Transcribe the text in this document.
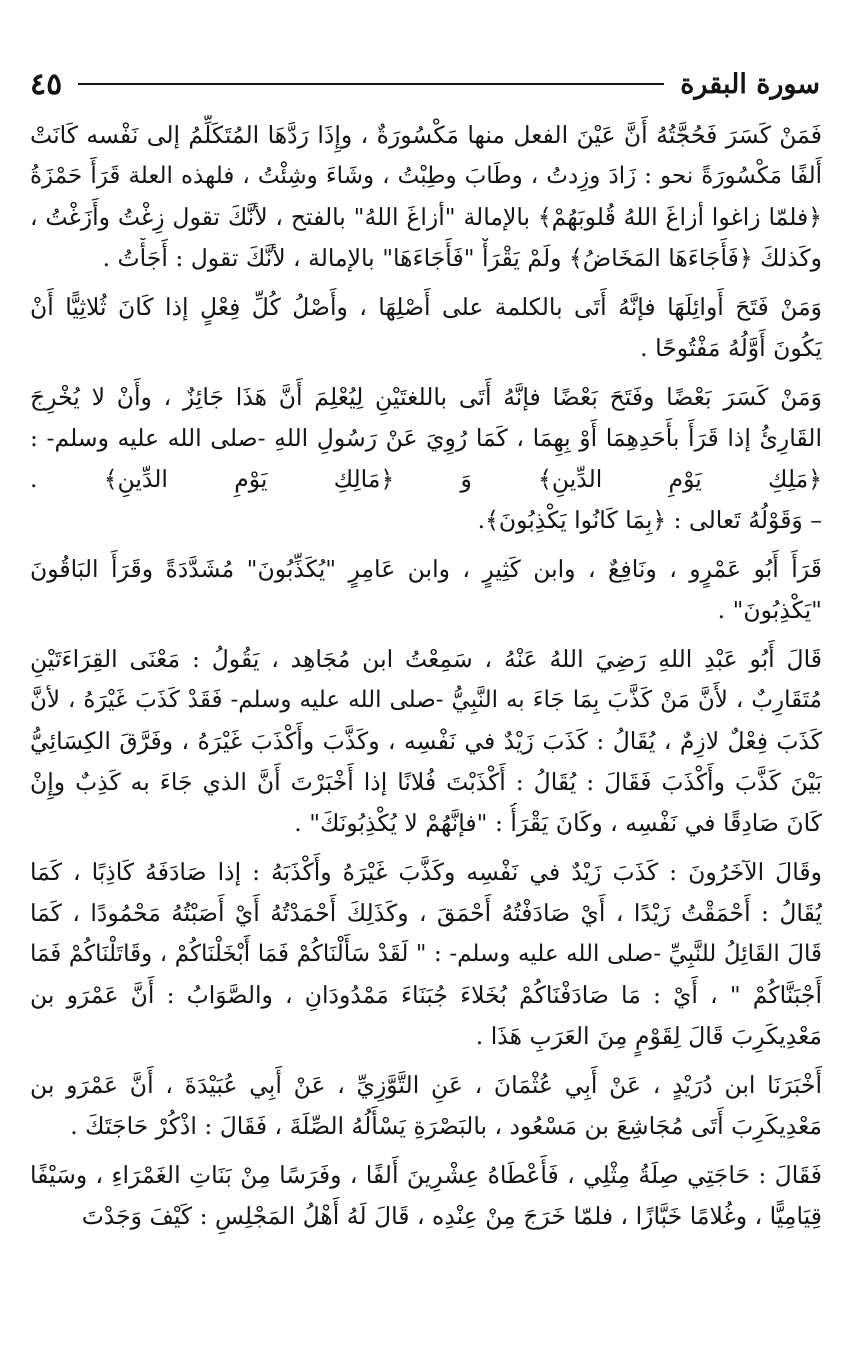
سورة البقرة
٤٥
فَمَنْ كَسَرَ فَحُجَّتُهُ أَنَّ عَيْنَ الفعل منها مَكْسُورَةٌ ، وإِذَا رَدَّهَا المُتَكَلِّمُ إلى نَفْسه كَانَتْ
أَلفًا مَكْسُورَةً نحو : زَادَ وزِدتُ ، وطَابَ وطِبْتُ ، وشَاءَ وشِئْتُ ، فلهذه العلة قَرَأَ حَمْزَةُ
﴿فلمّا زاغوا أزاغَ اللهُ قُلوبَهُمْ﴾ بالإمالة "أزاغَ اللهُ" بالفتح ، لأنَّكَ تقول زِغْتُ وأَزَغْتُ ،
وكَذلكَ ﴿فَأَجَاءَهَا المَخَاضُ﴾ ولَمْ يَقْرَأْ "فَأَجَاءَهَا" بالإمالة ، لأنَّكَ تقول : أَجَأْتُ .
وَمَنْ فَتَحَ أَوائِلَهَا فإنَّهُ أَتَى بالكلمة على أَصْلِهَا ، وأَصْلُ كُلِّ فِعْلٍ إذا كَانَ ثُلاثِيًّا أَنْ
يَكُونَ أَوَّلُهُ مَفْتُوحًا .
وَمَنْ كَسَرَ بَعْضًا وفَتَحَ بَعْضًا فإنَّهُ أَتَى باللغتَيْنِ لِيُعْلِمَ أَنَّ هَذَا جَائِزٌ ، وأَنْ لا يُخْرِجَ
القَارِئُ إذا قَرَأَ بأَحَدِهِمَا أَوْ بِهِمَا ، كَمَا رُوِيَ عَنْ رَسُولِ اللهِ -صلى الله عليه وسلم- :
﴿مَلِكِ يَوْمِ الدِّينِ﴾ وَ ﴿مَالِكِ يَوْمِ الدِّينِ﴾ .
– وَقَوْلُهُ تَعالى : ﴿بِمَا كَانُوا يَكْذِبُونَ﴾.
قَرَأَ أَبُو عَمْرٍو ، ونَافِعٌ ، وابن كَثِيرٍ ، وابن عَامِرٍ "يُكَذِّبُونَ" مُشَدَّدَةً وقَرَأَ البَاقُونَ
"يَكْذِبُونَ" .
قَالَ أَبُو عَبْدِ اللهِ رَضِيَ اللهُ عَنْهُ ، سَمِعْتُ ابن مُجَاهِد ، يَقُولُ : مَعْنَى القِرَاءَتَيْنِ
مُتَقَارِبٌ ، لأَنَّ مَنْ كَذَّبَ بِمَا جَاءَ به النَّبِيُّ -صلى الله عليه وسلم- فَقَدْ كَذَبَ غَيْرَهُ ، لأنَّ
كَذَبَ فِعْلٌ لازِمٌ ، يُقَالُ : كَذَبَ زَيْدٌ في نَفْسِه ، وكَذَّبَ وأَكْذَبَ غَيْرَهُ ، وفَرَّقَ الكِسَائِيُّ
بَيْنَ كَذَّبَ وأَكْذَبَ فَقَالَ : يُقَالُ : أَكْذَبْتَ فُلانًا إذا أَخْبَرْتَ أَنَّ الذي جَاءَ به كَذِبٌ وإِنْ
كَانَ صَادِقًا في نَفْسِه ، وكَانَ يَقْرَأُ : "فإنَّهُمْ لا يُكْذِبُونَكَ" .
وقَالَ الآخَرُونَ : كَذَبَ زَيْدٌ في نَفْسِه وكَذَّبَ غَيْرَهُ وأَكْذَبَهُ : إذا صَادَفَهُ كَاذِبًا ، كَمَا
يُقَالُ : أَحْمَقْتُ زَيْدًا ، أَيْ صَادَفْتُهُ أَحْمَقَ ، وكَذَلِكَ أَحْمَدْتُهُ أَيْ أَصَبْتُهُ مَحْمُودًا ، كَمَا
قَالَ القَائِلُ للنَّبِيِّ -صلى الله عليه وسلم- : " لَقَدْ سَأَلْنَاكُمْ فَمَا أَبْخَلْنَاكُمْ ، وقَاتَلْنَاكُمْ فَمَا
أَجْبَنَّاكُمْ " ، أَيْ : مَا صَادَفْنَاكُمْ بُخَلاءَ جُبَنَاءَ مَمْدُودَانِ ، والصَّوَابُ : أَنَّ عَمْرَو بن
مَعْدِيكَرِبَ قَالَ لِقَوْمٍ مِنَ العَرَبِ هَذَا .
أَخْبَرَنَا ابن دُرَيْدٍ ، عَنْ أَبِي عُثْمَانَ ، عَنِ التَّوَّزِيِّ ، عَنْ أَبِي عُبَيْدَةَ ، أَنَّ عَمْرَو بن
مَعْدِيكَرِبَ أَتَى مُجَاشِعَ بن مَسْعُود ، بالبَصْرَةِ يَسْأَلُهُ الصِّلَةَ ، فَقَالَ : اذْكُرْ حَاجَتَكَ .
فَقَالَ : حَاجَتِي صِلَةُ مِثْلِي ، فَأَعْطَاهُ عِشْرِينَ أَلفًا ، وفَرَسًا مِنْ بَنَاتِ الغَمْرَاءِ ، وسَيْفًا
قِيَامِيًّا ، وغُلامًا خَبَّازًا ، فلمّا خَرَجَ مِنْ عِنْدِه ، قَالَ لَهُ أَهْلُ المَجْلِسِ : كَيْفَ وَجَدْتَ
